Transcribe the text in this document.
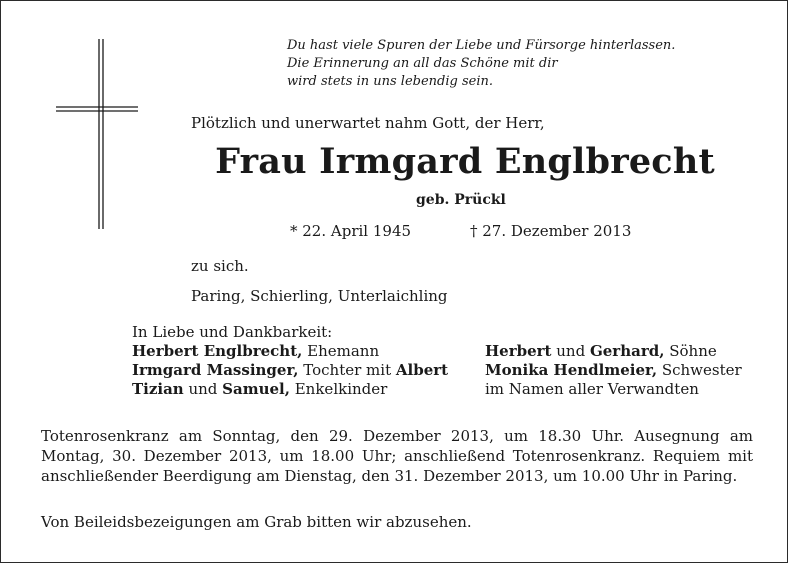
Du hast viele Spuren der Liebe und Fürsorge hinterlassen.
Die Erinnerung an all das Schöne mit dir
wird stets in uns lebendig sein.
Plötzlich und unerwartet nahm Gott, der Herr,
Frau Irmgard Englbrecht
geb. Prückl
* 22. April 1945	† 27. Dezember 2013
zu sich.
Paring, Schierling, Unterlaichling
In Liebe und Dankbarkeit:
Herbert Englbrecht, Ehemann
Irmgard Massinger, Tochter mit Albert
Tizian und Samuel, Enkelkinder
Herbert und Gerhard, Söhne
Monika Hendlmeier, Schwester
im Namen aller Verwandten
Totenrosenkranz am Sonntag, den 29. Dezember 2013, um 18.30 Uhr. Ausegnung am Montag, 30. Dezember 2013, um 18.00 Uhr; anschließend Totenrosenkranz. Requiem mit anschließender Beerdigung am Dienstag, den 31. Dezember 2013, um 10.00 Uhr in Paring.
Von Beileidsbezeigungen am Grab bitten wir abzusehen.
